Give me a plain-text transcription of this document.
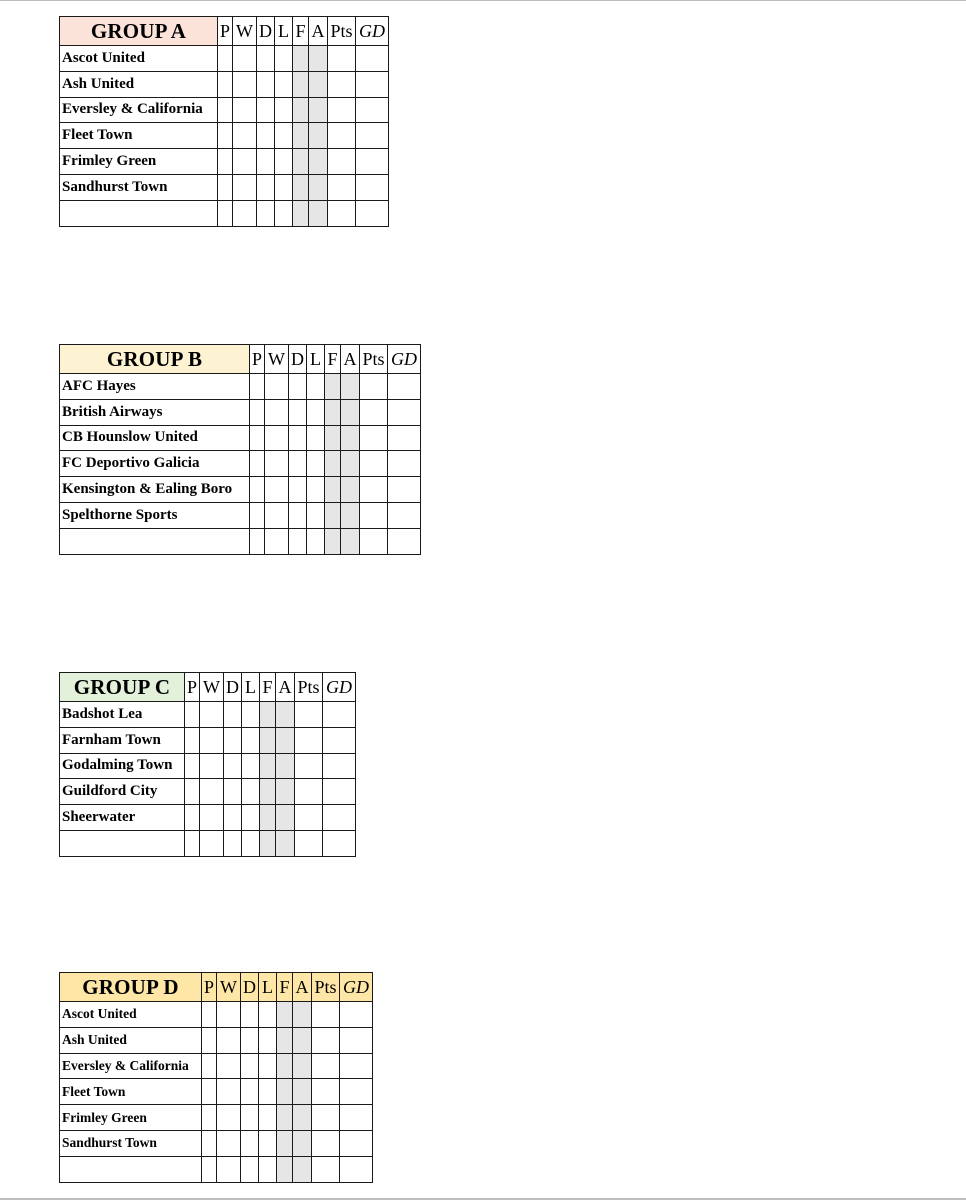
GROUP A	P	W	D	L	F	A	Pts	GD
Ascot United								
Ash United								
Eversley & California								
Fleet Town								
Frimley Green								
Sandhurst Town								

GROUP B	P	W	D	L	F	A	Pts	GD
AFC Hayes								
British Airways								
CB Hounslow United								
FC Deportivo Galicia								
Kensington & Ealing Boro								
Spelthorne Sports								

GROUP C	P	W	D	L	F	A	Pts	GD
Badshot Lea								
Farnham Town								
Godalming Town								
Guildford City								
Sheerwater								

GROUP D	P	W	D	L	F	A	Pts	GD
Ascot United								
Ash United								
Eversley & California								
Fleet Town								
Frimley Green								
Sandhurst Town								
